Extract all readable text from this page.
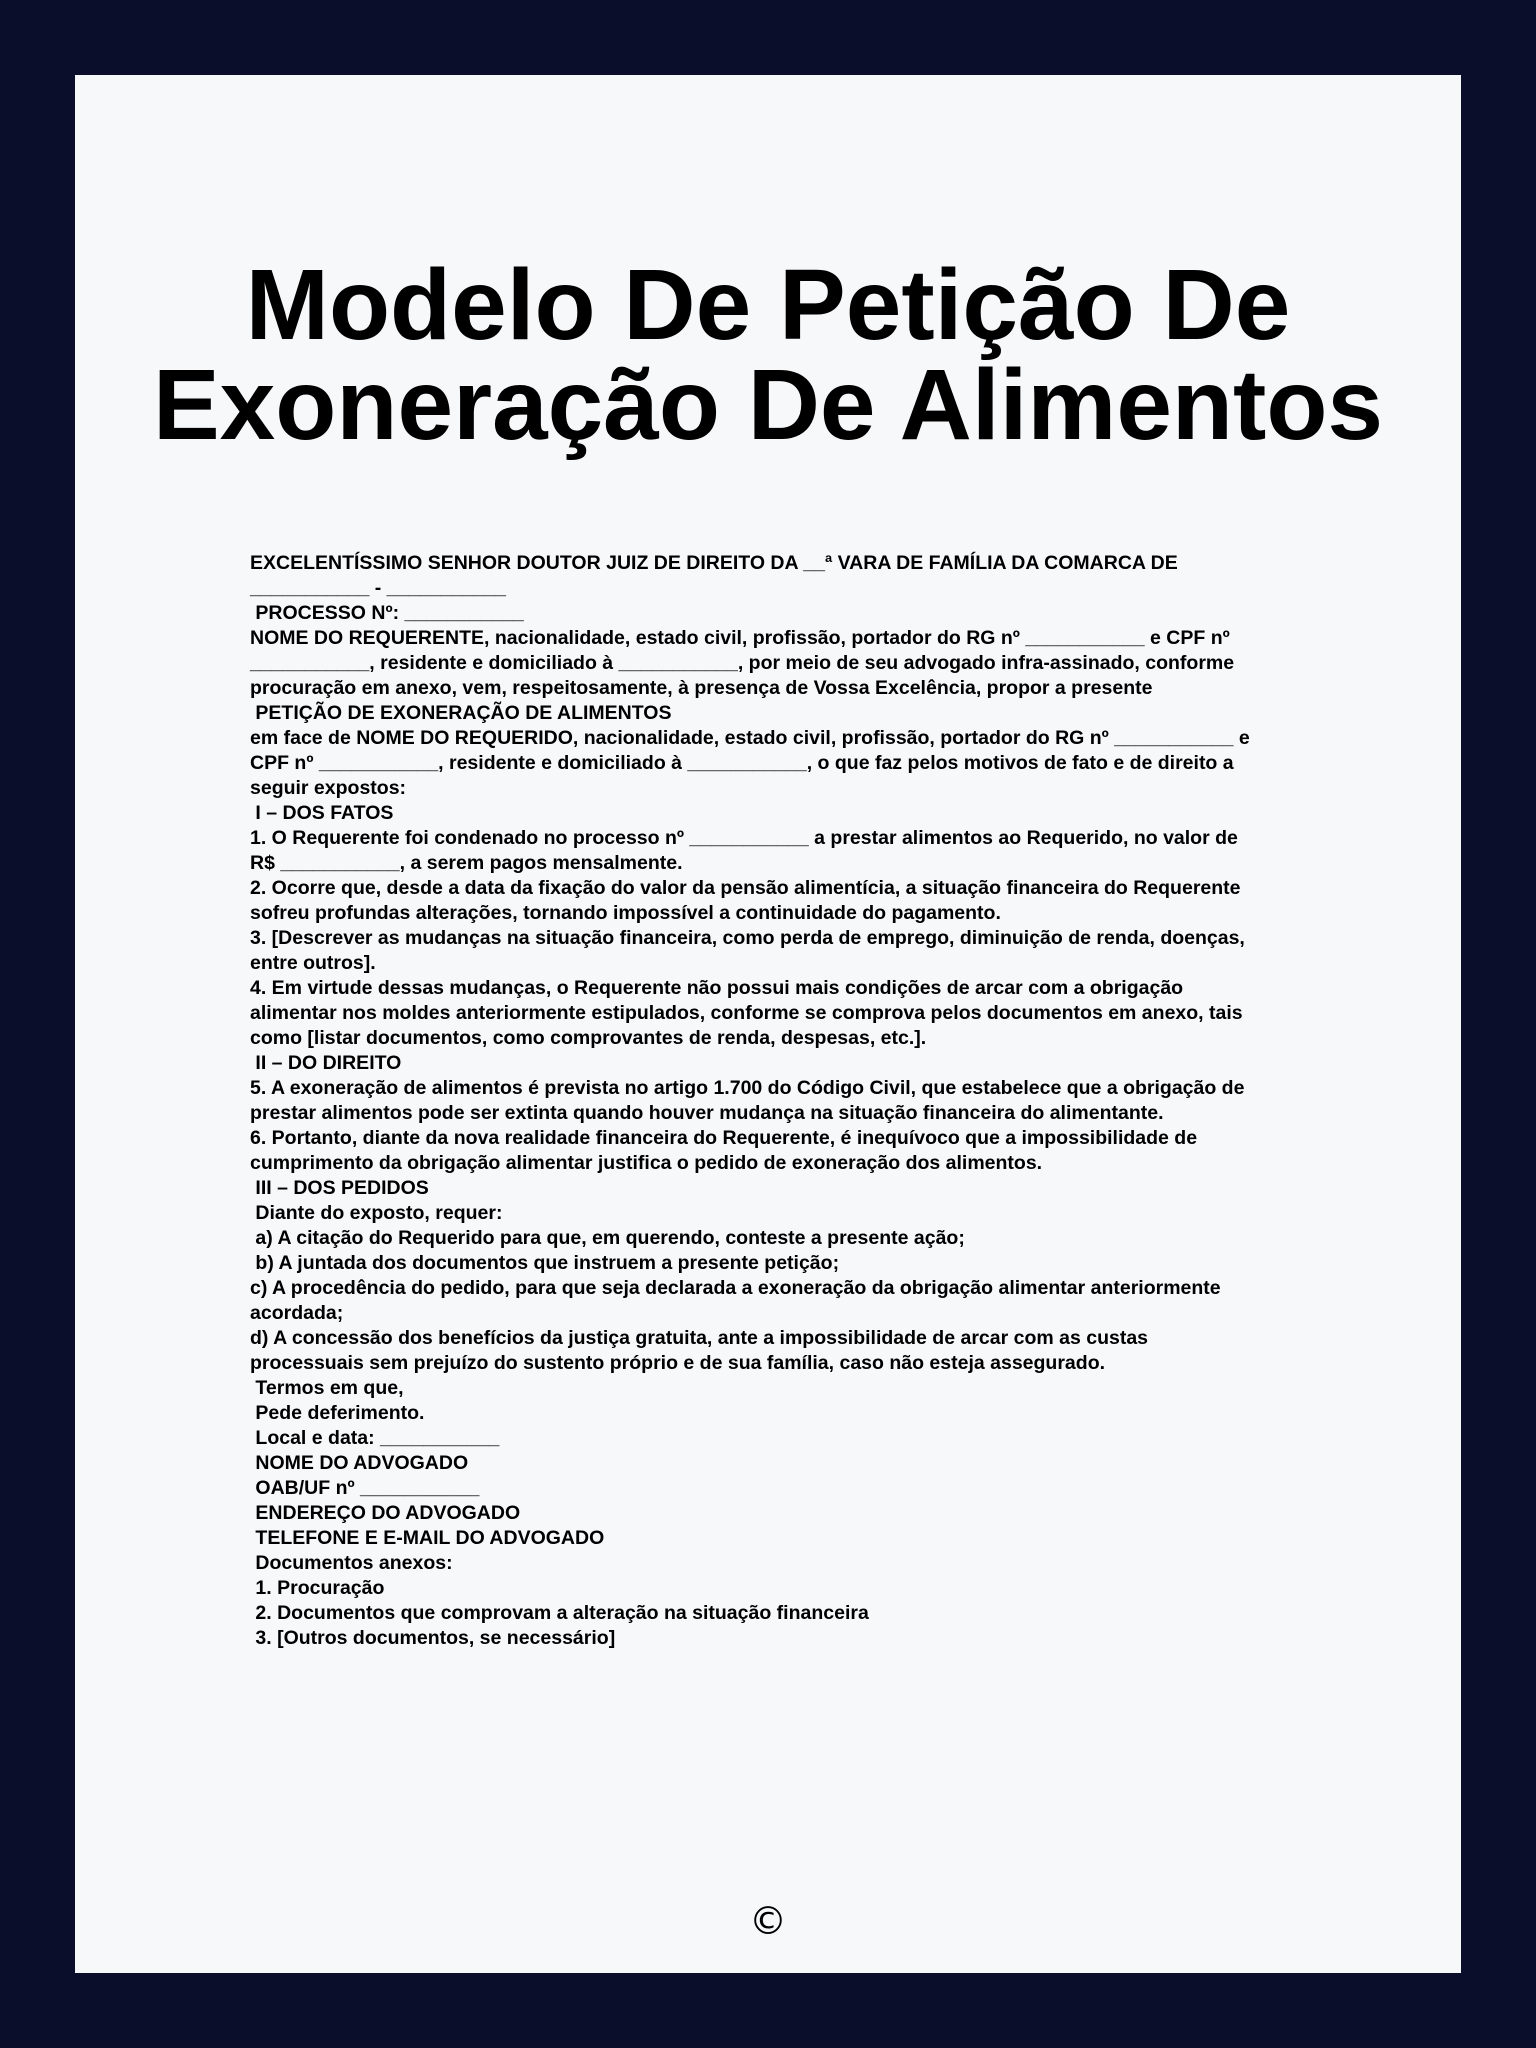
Modelo De Petição De
Exoneração De Alimentos
EXCELENTÍSSIMO SENHOR DOUTOR JUIZ DE DIREITO DA __ª VARA DE FAMÍLIA DA COMARCA DE
___________ - ___________
PROCESSO Nº: ___________
NOME DO REQUERENTE, nacionalidade, estado civil, profissão, portador do RG nº ___________ e CPF nº
___________, residente e domiciliado à ___________, por meio de seu advogado infra-assinado, conforme
procuração em anexo, vem, respeitosamente, à presença de Vossa Excelência, propor a presente
PETIÇÃO DE EXONERAÇÃO DE ALIMENTOS
em face de NOME DO REQUERIDO, nacionalidade, estado civil, profissão, portador do RG nº ___________ e
CPF nº ___________, residente e domiciliado à ___________, o que faz pelos motivos de fato e de direito a
seguir expostos:
I – DOS FATOS
1. O Requerente foi condenado no processo nº ___________ a prestar alimentos ao Requerido, no valor de
R$ ___________, a serem pagos mensalmente.
2. Ocorre que, desde a data da fixação do valor da pensão alimentícia, a situação financeira do Requerente
sofreu profundas alterações, tornando impossível a continuidade do pagamento.
3. [Descrever as mudanças na situação financeira, como perda de emprego, diminuição de renda, doenças,
entre outros].
4. Em virtude dessas mudanças, o Requerente não possui mais condições de arcar com a obrigação
alimentar nos moldes anteriormente estipulados, conforme se comprova pelos documentos em anexo, tais
como [listar documentos, como comprovantes de renda, despesas, etc.].
II – DO DIREITO
5. A exoneração de alimentos é prevista no artigo 1.700 do Código Civil, que estabelece que a obrigação de
prestar alimentos pode ser extinta quando houver mudança na situação financeira do alimentante.
6. Portanto, diante da nova realidade financeira do Requerente, é inequívoco que a impossibilidade de
cumprimento da obrigação alimentar justifica o pedido de exoneração dos alimentos.
III – DOS PEDIDOS
Diante do exposto, requer:
a) A citação do Requerido para que, em querendo, conteste a presente ação;
b) A juntada dos documentos que instruem a presente petição;
c) A procedência do pedido, para que seja declarada a exoneração da obrigação alimentar anteriormente
acordada;
d) A concessão dos benefícios da justiça gratuita, ante a impossibilidade de arcar com as custas
processuais sem prejuízo do sustento próprio e de sua família, caso não esteja assegurado.
Termos em que,
Pede deferimento.
Local e data: ___________
NOME DO ADVOGADO
OAB/UF nº ___________
ENDEREÇO DO ADVOGADO
TELEFONE E E-MAIL DO ADVOGADO
Documentos anexos:
1. Procuração
2. Documentos que comprovam a alteração na situação financeira
3. [Outros documentos, se necessário]
©
